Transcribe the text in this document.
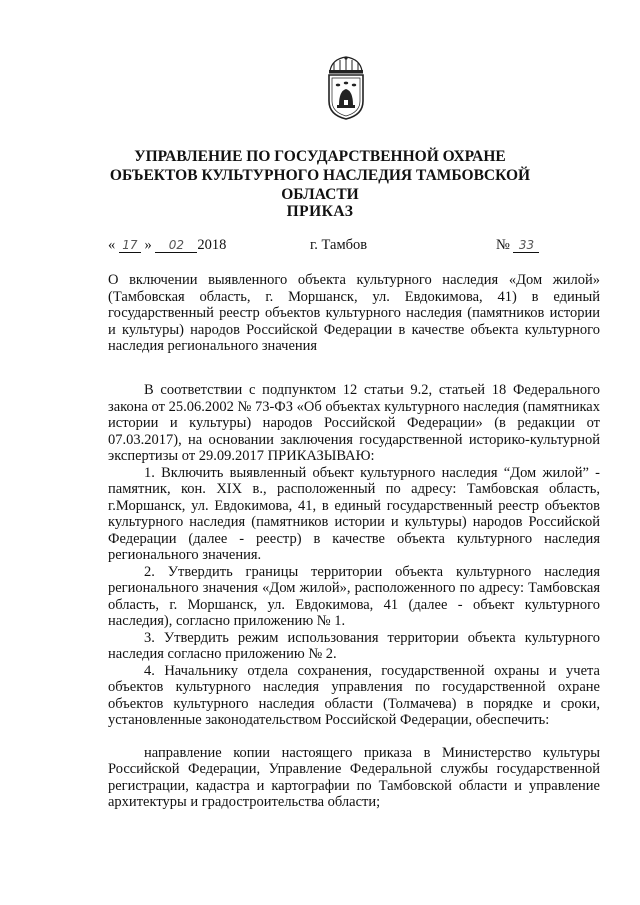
УПРАВЛЕНИЕ ПО ГОСУДАРСТВЕННОЙ ОХРАНЕ ОБЪЕКТОВ КУЛЬТУРНОГО НАСЛЕДИЯ ТАМБОВСКОЙ ОБЛАСТИ
ПРИКАЗ
« 17 » 02 2018	г. Тамбов	№ 33
О включении выявленного объекта культурного наследия «Дом жилой» (Тамбовская область, г. Моршанск, ул. Евдокимова, 41) в единый государственный реестр объектов культурного наследия (памятников истории и культуры) народов Российской Федерации в качестве объекта культурного наследия регионального значения

В соответствии с подпунктом 12 статьи 9.2, статьей 18 Федерального закона от 25.06.2002 № 73-ФЗ «Об объектах культурного наследия (памятниках истории и культуры) народов Российской Федерации» (в редакции от 07.03.2017), на основании заключения государственной историко-культурной экспертизы от 29.09.2017 ПРИКАЗЫВАЮ:

1. Включить выявленный объект культурного наследия “Дом жилой” - памятник, кон. XIX в., расположенный по адресу: Тамбовская область, г.Моршанск, ул. Евдокимова, 41, в единый государственный реестр объектов культурного наследия (памятников истории и культуры) народов Российской Федерации (далее - реестр) в качестве объекта культурного наследия регионального значения.

2. Утвердить границы территории объекта культурного наследия регионального значения «Дом жилой», расположенного по адресу: Тамбовская область, г. Моршанск, ул. Евдокимова, 41 (далее - объект культурного наследия), согласно приложению № 1.

3. Утвердить режим использования территории объекта культурного наследия согласно приложению № 2.

4. Начальнику отдела сохранения, государственной охраны и учета объектов культурного наследия управления по государственной охране объектов культурного наследия области (Толмачева) в порядке и сроки, установленные законодательством Российской Федерации, обеспечить:

направление копии настоящего приказа в Министерство культуры Российской Федерации, Управление Федеральной службы государственной регистрации, кадастра и картографии по Тамбовской области и управление архитектуры и градостроительства области;
